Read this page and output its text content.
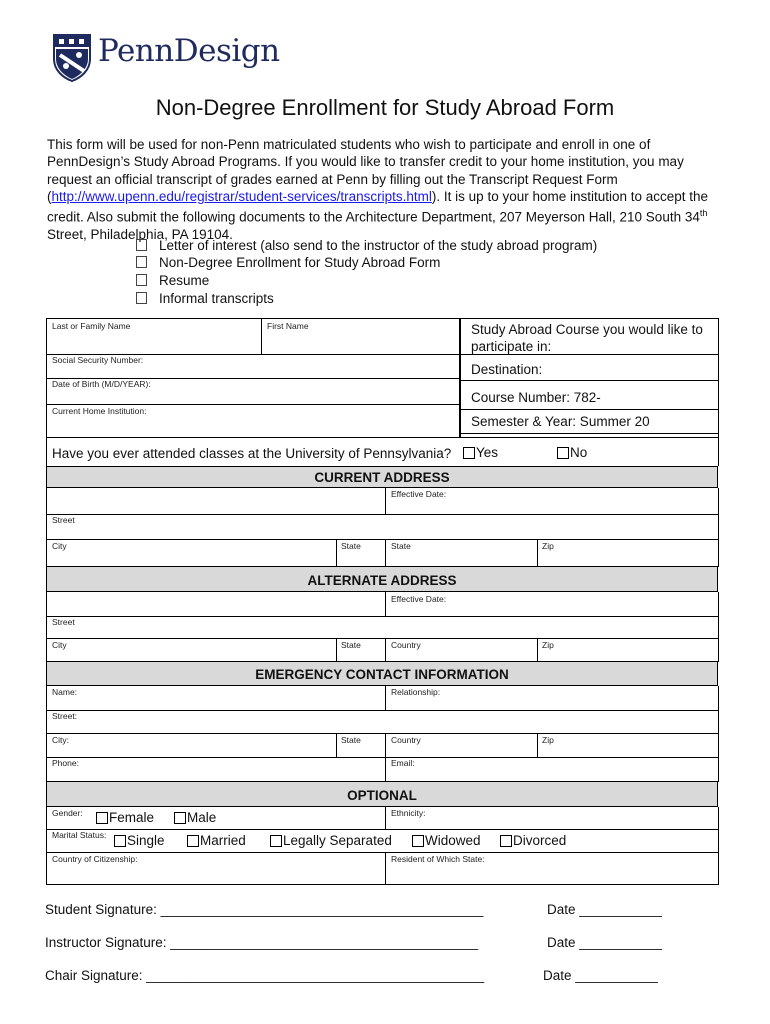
PennDesign
Non-Degree Enrollment for Study Abroad Form
This form will be used for non-Penn matriculated students who wish to participate and enroll in one of PennDesign’s Study Abroad Programs. If you would like to transfer credit to your home institution, you may request an official transcript of grades earned at Penn by filling out the Transcript Request Form (http://www.upenn.edu/registrar/student-services/transcripts.html). It is up to your home institution to accept the credit. Also submit the following documents to the Architecture Department, 207 Meyerson Hall, 210 South 34th Street, Philadelphia, PA 19104.
Letter of interest (also send to the instructor of the study abroad program)
Non-Degree Enrollment for Study Abroad Form
Resume
Informal transcripts
Last or Family Name	First Name
Social Security Number:
Date of Birth (M/D/YEAR):
Current Home Institution:
Study Abroad Course you would like to participate in:
Destination:
Course Number: 782-
Semester & Year: Summer 20
Have you ever attended classes at the University of Pennsylvania?	Yes	No
CURRENT ADDRESS
Effective Date:
Street
City	State	State	Zip
ALTERNATE ADDRESS
Effective Date:
Street
City	State	Country	Zip
EMERGENCY CONTACT INFORMATION
Name:	Relationship:
Street:
City:	State	Country	Zip
Phone:	Email:
OPTIONAL
Gender:	Female	Male	Ethnicity:
Marital Status:	Single	Married	Legally Separated	Widowed	Divorced
Country of Citizenship:	Resident of Which State:
Student Signature: ___________________________________________	Date ___________
Instructor Signature: _________________________________________	Date ___________
Chair Signature: _____________________________________________	Date ___________
